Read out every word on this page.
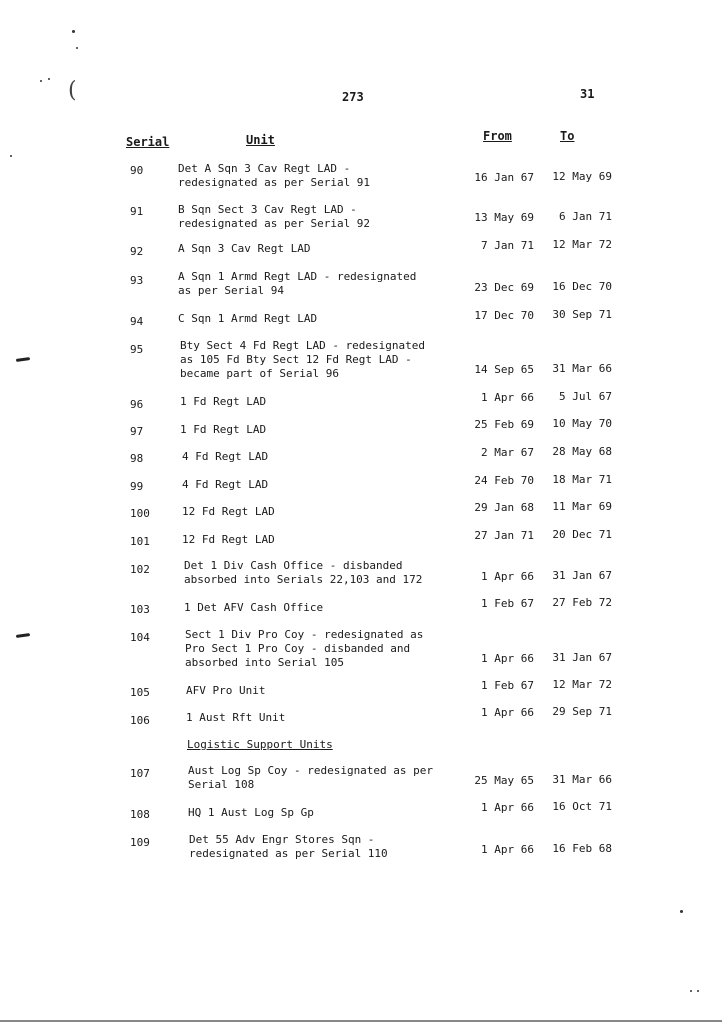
(	273	31
Serial	Unit	From	To
90	Det A Sqn 3 Cav Regt LAD -
redesignated as per Serial 91	16 Jan 67	12 May 69
91	B Sqn Sect 3 Cav Regt LAD -
redesignated as per Serial 92	13 May 69	6 Jan 71
92	A Sqn 3 Cav Regt LAD	7 Jan 71	12 Mar 72
93	A Sqn 1 Armd Regt LAD - redesignated
as per Serial 94	23 Dec 69	16 Dec 70
94	C Sqn 1 Armd Regt LAD	17 Dec 70	30 Sep 71
95	Bty Sect 4 Fd Regt LAD - redesignated
as 105 Fd Bty Sect 12 Fd Regt LAD -
became part of Serial 96	14 Sep 65	31 Mar 66
96	1 Fd Regt LAD	1 Apr 66	5 Jul 67
97	1 Fd Regt LAD	25 Feb 69	10 May 70
98	4 Fd Regt LAD	2 Mar 67	28 May 68
99	4 Fd Regt LAD	24 Feb 70	18 Mar 71
100	12 Fd Regt LAD	29 Jan 68	11 Mar 69
101	12 Fd Regt LAD	27 Jan 71	20 Dec 71
102	Det 1 Div Cash Office - disbanded
absorbed into Serials 22,103 and 172	1 Apr 66	31 Jan 67
103	1 Det AFV Cash Office	1 Feb 67	27 Feb 72
104	Sect 1 Div Pro Coy - redesignated as
Pro Sect 1 Pro Coy - disbanded and
absorbed into Serial 105	1 Apr 66	31 Jan 67
105	AFV Pro Unit	1 Feb 67	12 Mar 72
106	1 Aust Rft Unit	1 Apr 66	29 Sep 71
107	Aust Log Sp Coy - redesignated as per
Serial 108	25 May 65	31 Mar 66
108	HQ 1 Aust Log Sp Gp	1 Apr 66	16 Oct 71
109	Det 55 Adv Engr Stores Sqn -
redesignated as per Serial 110	1 Apr 66	16 Feb 68
Logistic Support Units
